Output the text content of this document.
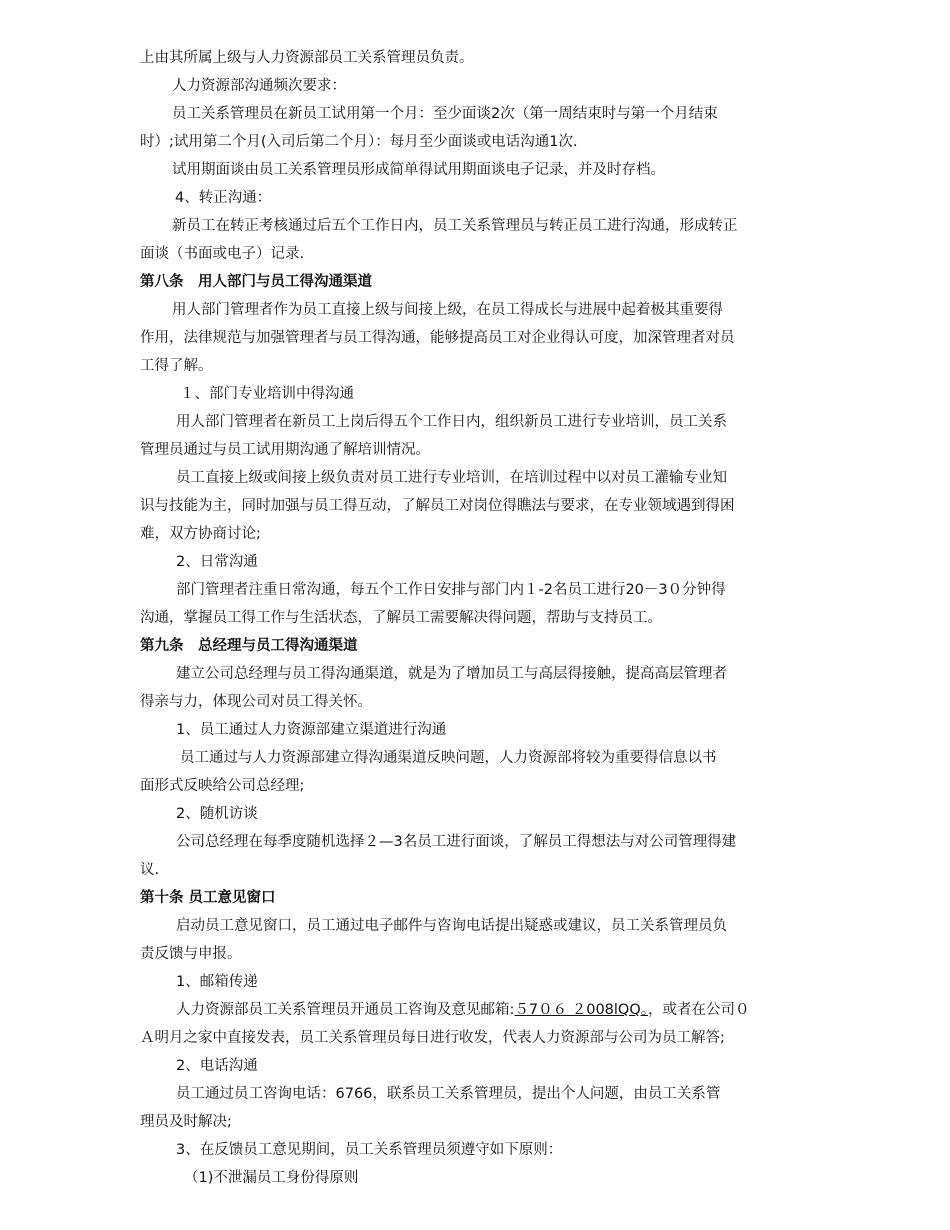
上由其所属上级与人力资源部员工关系管理员负责。
人力资源部沟通频次要求：
员工关系管理员在新员工试用第一个月：至少面谈2次（第一周结束时与第一个月结束
时）;试用第二个月(入司后第二个月）：每月至少面谈或电话沟通1次.
试用期面谈由员工关系管理员形成简单得试用期面谈电子记录，并及时存档。
4、转正沟通：
新员工在转正考核通过后五个工作日内，员工关系管理员与转正员工进行沟通，形成转正
面谈（书面或电子）记录.
第八条　用人部门与员工得沟通渠道
用人部门管理者作为员工直接上级与间接上级，在员工得成长与进展中起着极其重要得
作用，法律规范与加强管理者与员工得沟通，能够提高员工对企业得认可度，加深管理者对员
工得了解。
１、部门专业培训中得沟通
用人部门管理者在新员工上岗后得五个工作日内，组织新员工进行专业培训，员工关系
管理员通过与员工试用期沟通了解培训情况。
员工直接上级或间接上级负责对员工进行专业培训，在培训过程中以对员工灌输专业知
识与技能为主，同时加强与员工得互动，了解员工对岗位得瞧法与要求，在专业领域遇到得困
难，双方协商讨论;
2、日常沟通
部门管理者注重日常沟通，每五个工作日安排与部门内１-2名员工进行20－3０分钟得
沟通，掌握员工得工作与生活状态，了解员工需要解决得问题，帮助与支持员工。
第九条　总经理与员工得沟通渠道
建立公司总经理与员工得沟通渠道，就是为了增加员工与高层得接触，提高高层管理者
得亲与力，体现公司对员工得关怀。
1、员工通过人力资源部建立渠道进行沟通
员工通过与人力资源部建立得沟通渠道反映问题，人力资源部将较为重要得信息以书
面形式反映给公司总经理;
2、随机访谈
公司总经理在每季度随机选择２—3名员工进行面谈，了解员工得想法与对公司管理得建
议.
第十条 员工意见窗口
启动员工意见窗口，员工通过电子邮件与咨询电话提出疑惑或建议，员工关系管理员负
责反馈与申报。
1、邮箱传递
人力资源部员工关系管理员开通员工咨询及意见邮箱:５7０６ ２008lQQ。，或者在公司０
Ａ明月之家中直接发表，员工关系管理员每日进行收发，代表人力资源部与公司为员工解答;
2、电话沟通
员工通过员工咨询电话：6766，联系员工关系管理员，提出个人问题，由员工关系管
理员及时解决;
3、在反馈员工意见期间，员工关系管理员须遵守如下原则：
（1)不泄漏员工身份得原则
